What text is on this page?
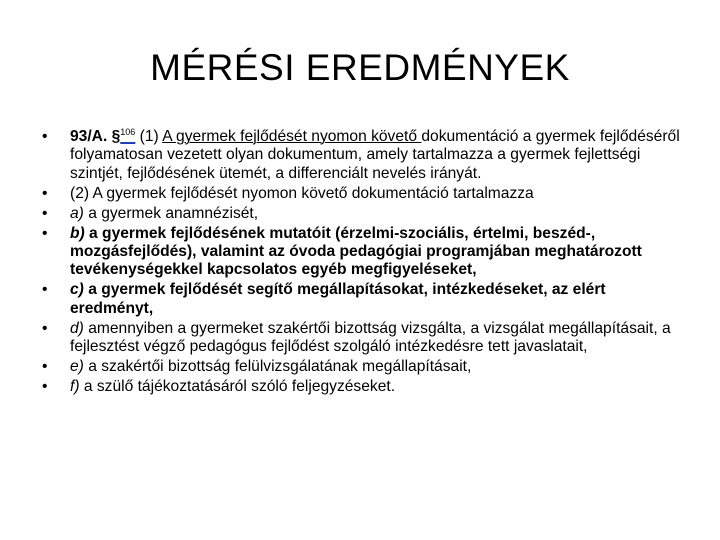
MÉRÉSI EREDMÉNYEK
•	93/A. §$^{106}$ (1) A gyermek fejlődését nyomon követő dokumentáció a gyermek fejlődéséről folyamatosan vezetett olyan dokumentum, amely tartalmazza a gyermek fejlettségi szintjét, fejlődésének ütemét, a differenciált nevelés irányát.
•	(2) A gyermek fejlődését nyomon követő dokumentáció tartalmazza
•	a) a gyermek anamnézisét,
•	b) a gyermek fejlődésének mutatóit (érzelmi-szociális, értelmi, beszéd-, mozgásfejlődés), valamint az óvoda pedagógiai programjában meghatározott tevékenységekkel kapcsolatos egyéb megfigyeléseket,
•	c) a gyermek fejlődését segítő megállapításokat, intézkedéseket, az elért eredményt,
•	d) amennyiben a gyermeket szakértői bizottság vizsgálta, a vizsgálat megállapításait, a fejlesztést végző pedagógus fejlődést szolgáló intézkedésre tett javaslatait,
•	e) a szakértői bizottság felülvizsgálatának megállapításait,
•	f) a szülő tájékoztatásáról szóló feljegyzéseket.
